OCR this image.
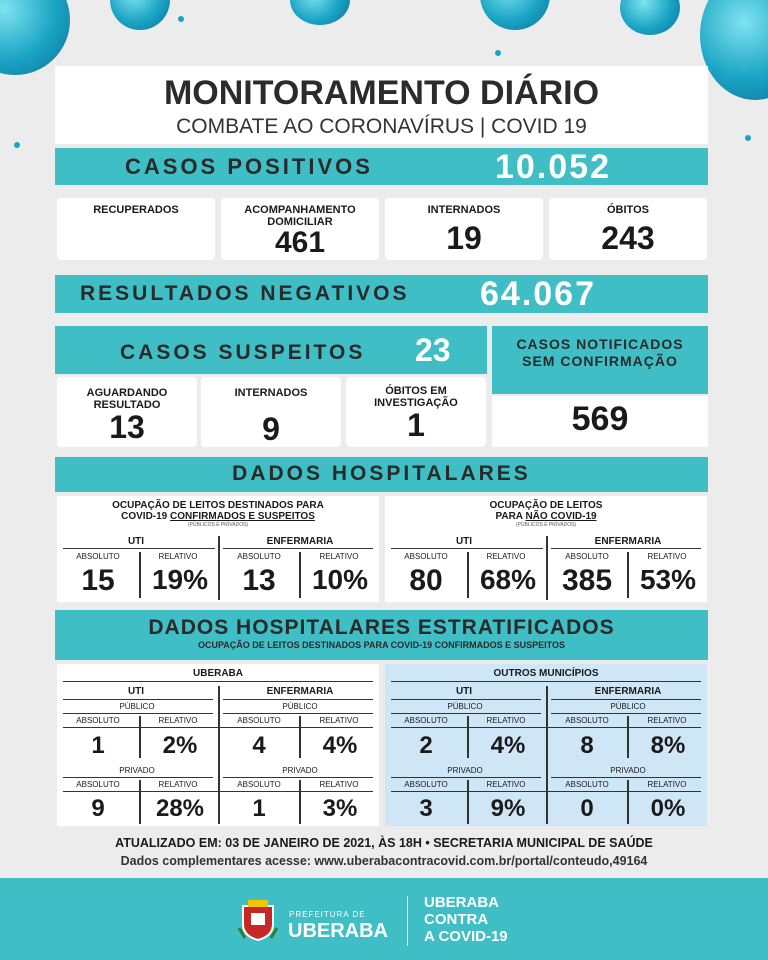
MONITORAMENTO DIÁRIO
COMBATE AO CORONAVÍRUS | COVID 19
CASOS POSITIVOS	10.052
RECUPERADOS
9.329
ACOMPANHAMENTO DOMICILIAR
461
INTERNADOS
19
ÓBITOS
243
RESULTADOS NEGATIVOS 64.067
CASOS SUSPEITOS 23
AGUARDANDO RESULTADO
13
INTERNADOS
9
ÓBITOS EM INVESTIGAÇÃO
1
CASOS NOTIFICADOS SEM CONFIRMAÇÃO
569
DADOS HOSPITALARES
OCUPAÇÃO DE LEITOS DESTINADOS PARA
COVID-19 CONFIRMADOS E SUSPEITOS
(PÚBLICOS E PRIVADOS)
UTI	ENFERMARIA
ABSOLUTO	RELATIVO	ABSOLUTO	RELATIVO
15	19%	13	10%
OCUPAÇÃO DE LEITOS
PARA NÃO COVID-19
(PÚBLICOS E PRIVADOS)
UTI	ENFERMARIA
ABSOLUTO	RELATIVO	ABSOLUTO	RELATIVO
80	68% 385 53%
DADOS HOSPITALARES ESTRATIFICADOS
OCUPAÇÃO DE LEITOS DESTINADOS PARA COVID-19 CONFIRMADOS E SUSPEITOS
UBERABA
UTI	ENFERMARIA
PÚBLICO	PÚBLICO
ABSOLUTO	RELATIVO	ABSOLUTO	RELATIVO
1	2%	4	4%
PRIVADO	PRIVADO
ABSOLUTO	RELATIVO	ABSOLUTO	RELATIVO
9	28%	1	3%
OUTROS MUNICÍPIOS
UTI	ENFERMARIA
PÚBLICO	PÚBLICO
ABSOLUTO	RELATIVO	ABSOLUTO	RELATIVO
2	4%	8	8%
PRIVADO	PRIVADO
ABSOLUTO	RELATIVO	ABSOLUTO	RELATIVO
3	9%	0	0%
ATUALIZADO EM: 03 DE JANEIRO DE 2021, ÀS 18H • SECRETARIA MUNICIPAL DE SAÚDE
Dados complementares acesse: www.uberabacontracovid.com.br/portal/conteudo,49164
PREFEITURA DE
UBERABA
UBERABA
CONTRA
A COVID-19
